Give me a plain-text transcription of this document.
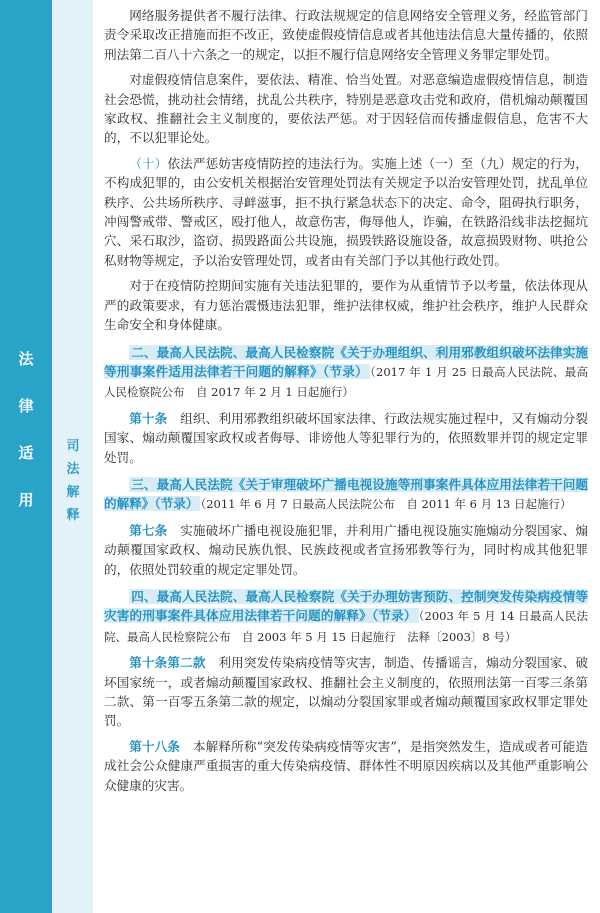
法
律
适
用
司
法
解
释

网络服务提供者不履行法律、行政法规规定的信息网络安全管理义务，经监管部门责令采取改正措施而拒不改正，致使虚假疫情信息或者其他违法信息大量传播的，依照刑法第二百八十六条之一的规定，以拒不履行信息网络安全管理义务罪定罪处罚。

对虚假疫情信息案件，要依法、精准、恰当处置。对恶意编造虚假疫情信息，制造社会恐慌，挑动社会情绪，扰乱公共秩序，特别是恶意攻击党和政府，借机煽动颠覆国家政权、推翻社会主义制度的，要依法严惩。对于因轻信而传播虚假信息，危害不大的，不以犯罪论处。

（十）依法严惩妨害疫情防控的违法行为。实施上述（一）至（九）规定的行为，不构成犯罪的，由公安机关根据治安管理处罚法有关规定予以治安管理处罚，扰乱单位秩序、公共场所秩序、寻衅滋事，拒不执行紧急状态下的决定、命令，阻碍执行职务，冲闯警戒带、警戒区，殴打他人，故意伤害，侮辱他人，诈骗，在铁路沿线非法挖掘坑穴、采石取沙，盗窃、损毁路面公共设施，损毁铁路设施设备，故意损毁财物、哄抢公私财物等规定，予以治安管理处罚，或者由有关部门予以其他行政处罚。

对于在疫情防控期间实施有关违法犯罪的，要作为从重情节予以考量，依法体现从严的政策要求，有力惩治震慑违法犯罪，维护法律权威，维护社会秩序，维护人民群众生命安全和身体健康。

二、最高人民法院、最高人民检察院《关于办理组织、利用邪教组织破坏法律实施等刑事案件适用法律若干问题的解释》（节录） （2017 年 1 月 25 日最高人民法院、最高人民检察院公布　自 2017 年 2 月 1 日起施行）

第十条　 组织、利用邪教组织破坏国家法律、行政法规实施过程中，又有煽动分裂国家、煽动颠覆国家政权或者侮辱、诽谤他人等犯罪行为的，依照数罪并罚的规定定罪处罚。

三、最高人民法院《关于审理破坏广播电视设施等刑事案件具体应用法律若干问题的解释》（节录） （2011 年 6 月 7 日最高人民法院公布　自 2011 年 6 月 13 日起施行）

第七条　 实施破坏广播电视设施犯罪，并利用广播电视设施实施煽动分裂国家、煽动颠覆国家政权、煽动民族仇恨、民族歧视或者宣扬邪教等行为，同时构成其他犯罪的，依照处罚较重的规定定罪处罚。

四、最高人民法院、最高人民检察院《关于办理妨害预防、控制突发传染病疫情等灾害的刑事案件具体应用法律若干问题的解释》（节录） （2003 年 5 月 14 日最高人民法院、最高人民检察院公布　自 2003 年 5 月 15 日起施行　法释〔2003〕8 号）

第十条第二款　 利用突发传染病疫情等灾害，制造、传播谣言，煽动分裂国家、破坏国家统一，或者煽动颠覆国家政权、推翻社会主义制度的，依照刑法第一百零三条第二款、第一百零五条第二款的规定，以煽动分裂国家罪或者煽动颠覆国家政权罪定罪处罚。

第十八条　 本解释所称“突发传染病疫情等灾害”，是指突然发生，造成或者可能造成社会公众健康严重损害的重大传染病疫情、群体性不明原因疾病以及其他严重影响公众健康的灾害。
